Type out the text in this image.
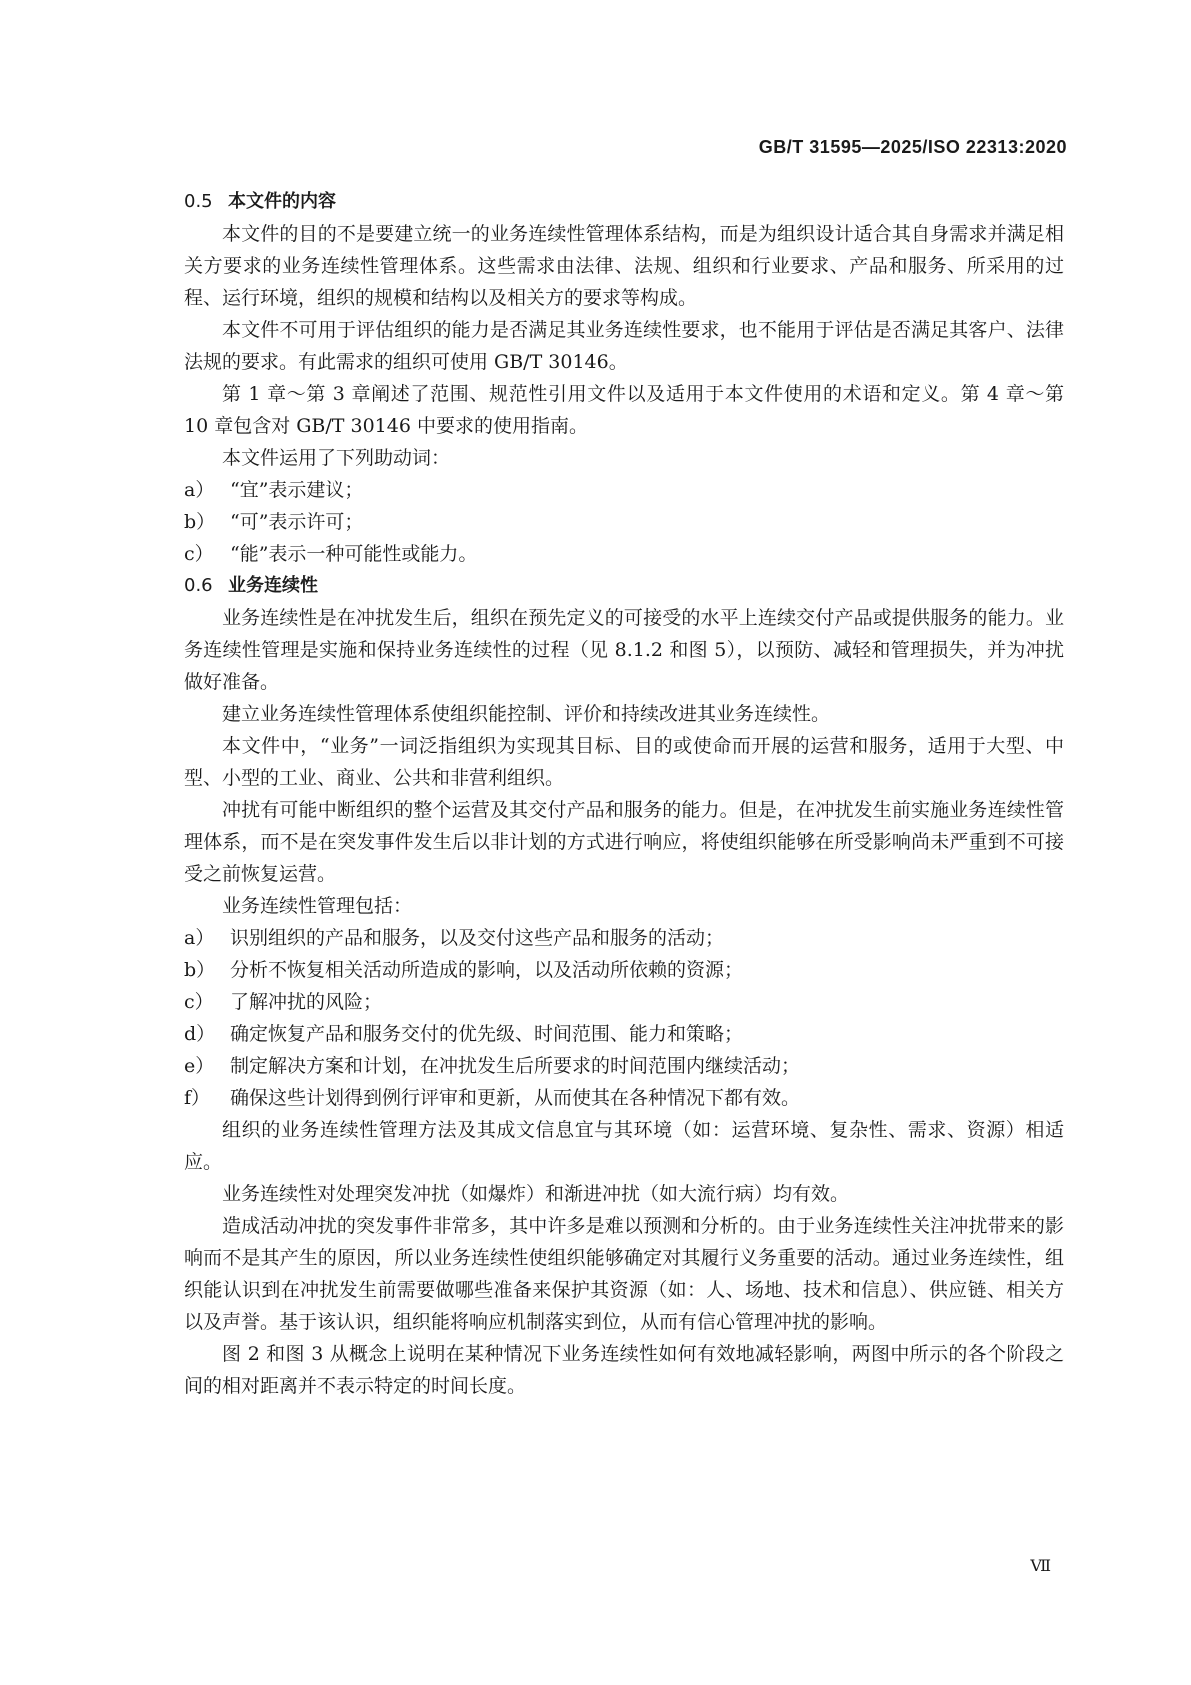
GB/T 31595—2025/ISO 22313:2020
0.5 本文件的内容

本文件的目的不是要建立统一的业务连续性管理体系结构，而是为组织设计适合其自身需求并满足相关方要求的业务连续性管理体系。这些需求由法律、法规、组织和行业要求、产品和服务、所采用的过程、运行环境，组织的规模和结构以及相关方的要求等构成。

本文件不可用于评估组织的能力是否满足其业务连续性要求，也不能用于评估是否满足其客户、法律法规的要求。有此需求的组织可使用 GB/T 30146。

第 1 章～第 3 章阐述了范围、规范性引用文件以及适用于本文件使用的术语和定义。第 4 章～第 10 章包含对 GB/T 30146 中要求的使用指南。

本文件运用了下列助动词：

a） “宜”表示建议；
b） “可”表示许可；
c） “能”表示一种可能性或能力。
0.6 业务连续性

业务连续性是在冲扰发生后，组织在预先定义的可接受的水平上连续交付产品或提供服务的能力。业务连续性管理是实施和保持业务连续性的过程（见 8.1.2 和图 5），以预防、减轻和管理损失，并为冲扰做好准备。

建立业务连续性管理体系使组织能控制、评价和持续改进其业务连续性。

本文件中，“业务”一词泛指组织为实现其目标、目的或使命而开展的运营和服务，适用于大型、中型、小型的工业、商业、公共和非营利组织。

冲扰有可能中断组织的整个运营及其交付产品和服务的能力。但是，在冲扰发生前实施业务连续性管理体系，而不是在突发事件发生后以非计划的方式进行响应，将使组织能够在所受影响尚未严重到不可接受之前恢复运营。

业务连续性管理包括：

a） 识别组织的产品和服务，以及交付这些产品和服务的活动；
b） 分析不恢复相关活动所造成的影响，以及活动所依赖的资源；
c） 了解冲扰的风险；
d） 确定恢复产品和服务交付的优先级、时间范围、能力和策略；
e） 制定解决方案和计划，在冲扰发生后所要求的时间范围内继续活动；
f） 确保这些计划得到例行评审和更新，从而使其在各种情况下都有效。

组织的业务连续性管理方法及其成文信息宜与其环境（如：运营环境、复杂性、需求、资源）相适应。

业务连续性对处理突发冲扰（如爆炸）和渐进冲扰（如大流行病）均有效。

造成活动冲扰的突发事件非常多，其中许多是难以预测和分析的。由于业务连续性关注冲扰带来的影响而不是其产生的原因，所以业务连续性使组织能够确定对其履行义务重要的活动。通过业务连续性，组织能认识到在冲扰发生前需要做哪些准备来保护其资源（如：人、场地、技术和信息）、供应链、相关方以及声誉。基于该认识，组织能将响应机制落实到位，从而有信心管理冲扰的影响。

图 2 和图 3 从概念上说明在某种情况下业务连续性如何有效地减轻影响，两图中所示的各个阶段之间的相对距离并不表示特定的时间长度。

Ⅶ
